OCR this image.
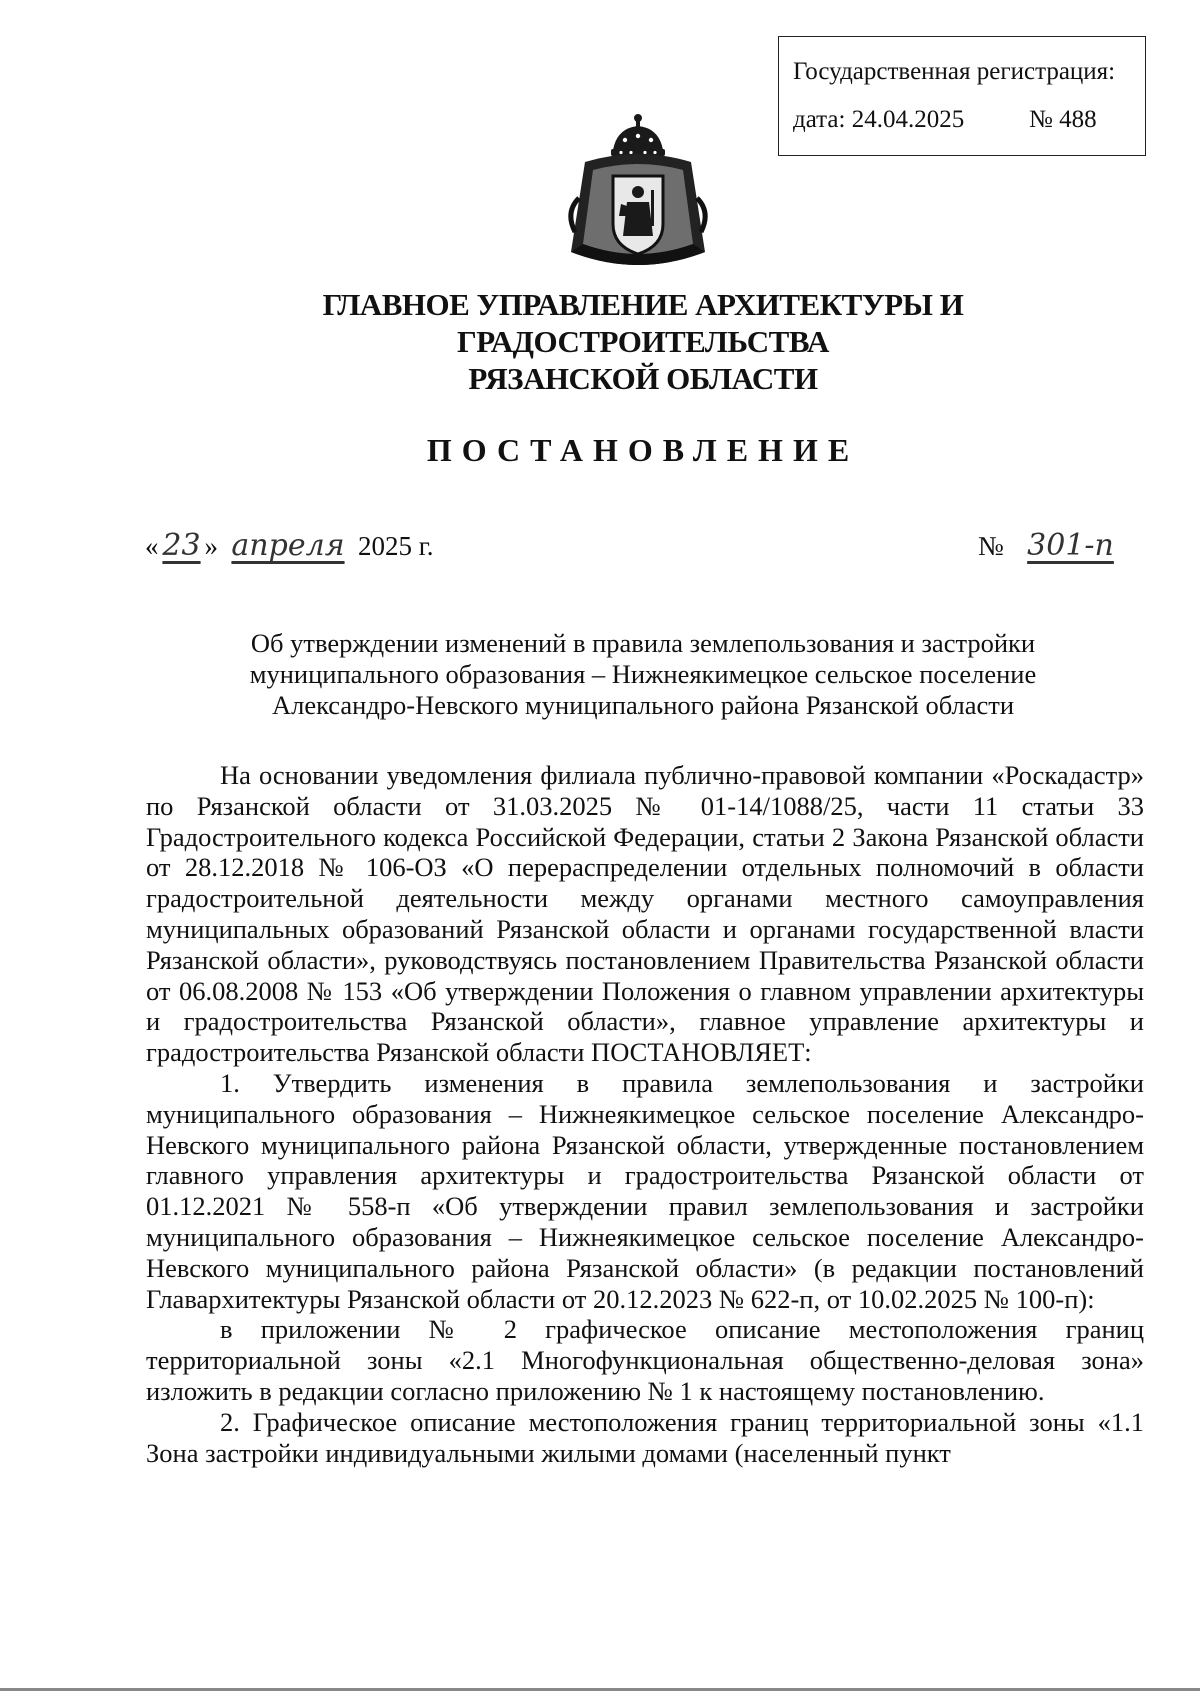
Государственная регистрация:
дата: 24.04.2025	№ 488
ГЛАВНОЕ УПРАВЛЕНИЕ АРХИТЕКТУРЫ И ГРАДОСТРОИТЕЛЬСТВА
РЯЗАНСКОЙ ОБЛАСТИ
ПОСТАНОВЛЕНИЕ
« 23 » апреля 2025 г.	№ 301-п
Об утверждении изменений в правила землепользования и застройки
муниципального образования – Нижнеякимецкое сельское поселение
Александро-Невского муниципального района Рязанской области

На основании уведомления филиала публично-правовой компании «Роскадастр» по Рязанской области от 31.03.2025 № 01-14/1088/25, части 11 статьи 33 Градостроительного кодекса Российской Федерации, статьи 2 Закона Рязанской области от 28.12.2018 № 106-ОЗ «О перераспределении отдельных полномочий в области градостроительной деятельности между органами местного самоуправления муниципальных образований Рязанской области и органами государственной власти Рязанской области», руководствуясь постановлением Правительства Рязанской области от 06.08.2008 № 153 «Об утверждении Положения о главном управлении архитектуры и градостроительства Рязанской области», главное управление архитектуры и градостроительства Рязанской области ПОСТАНОВЛЯЕТ:

1. Утвердить изменения в правила землепользования и застройки муниципального образования – Нижнеякимецкое сельское поселение Александро-Невского муниципального района Рязанской области, утвержденные постановлением главного управления архитектуры и градостроительства Рязанской области от 01.12.2021 № 558-п «Об утверждении правил землепользования и застройки муниципального образования – Нижнеякимецкое сельское поселение Александро-Невского муниципального района Рязанской области» (в редакции постановлений Главархитектуры Рязанской области от 20.12.2023 № 622-п, от 10.02.2025 № 100-п):

в приложении № 2 графическое описание местоположения границ территориальной зоны «2.1 Многофункциональная общественно-деловая зона» изложить в редакции согласно приложению № 1 к настоящему постановлению.

2. Графическое описание местоположения границ территориальной зоны «1.1 Зона застройки индивидуальными жилыми домами (населенный пункт
